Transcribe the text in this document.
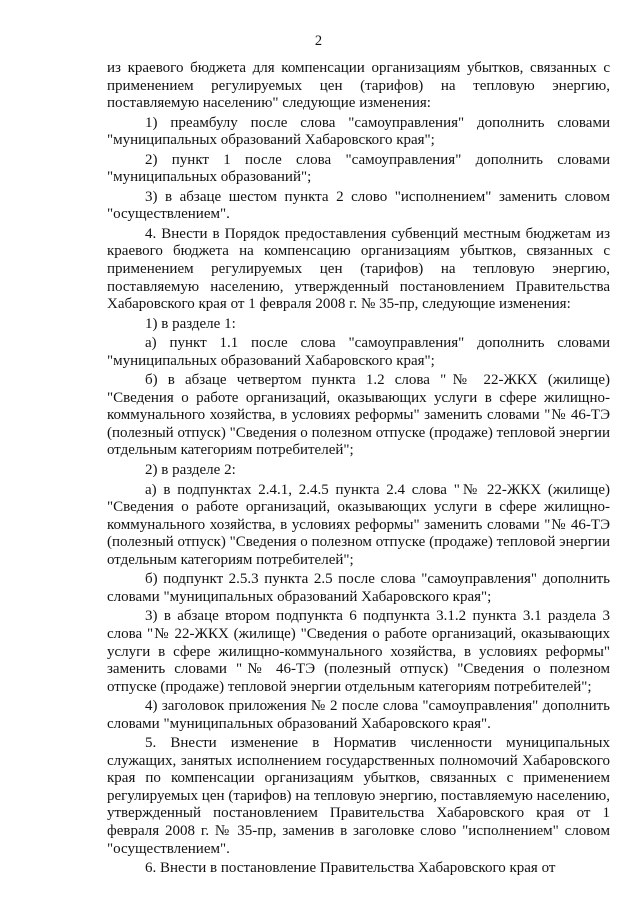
2

из краевого бюджета для компенсации организациям убытков, связанных с применением регулируемых цен (тарифов) на тепловую энергию, поставляемую населению" следующие изменения:

1) преамбулу после слова "самоуправления" дополнить словами "муниципальных образований Хабаровского края";

2) пункт 1 после слова "самоуправления" дополнить словами "муниципальных образований";

3) в абзаце шестом пункта 2 слово "исполнением" заменить словом "осуществлением".

4. Внести в Порядок предоставления субвенций местным бюджетам из краевого бюджета на компенсацию организациям убытков, связанных с применением регулируемых цен (тарифов) на тепловую энергию, поставляемую населению, утвержденный постановлением Правительства Хабаровского края от 1 февраля 2008 г. № 35-пр, следующие изменения:

1) в разделе 1:

а) пункт 1.1 после слова "самоуправления" дополнить словами "муниципальных образований Хабаровского края";

б) в абзаце четвертом пункта 1.2 слова "№ 22-ЖКХ (жилище) "Сведения о работе организаций, оказывающих услуги в сфере жилищно-коммунального хозяйства, в условиях реформы" заменить словами "№ 46-ТЭ (полезный отпуск) "Сведения о полезном отпуске (продаже) тепловой энергии отдельным категориям потребителей";

2) в разделе 2:

а) в подпунктах 2.4.1, 2.4.5 пункта 2.4 слова "№ 22-ЖКХ (жилище) "Сведения о работе организаций, оказывающих услуги в сфере жилищно-коммунального хозяйства, в условиях реформы" заменить словами "№ 46-ТЭ (полезный отпуск) "Сведения о полезном отпуске (продаже) тепловой энергии отдельным категориям потребителей";

б) подпункт 2.5.3 пункта 2.5 после слова "самоуправления" дополнить словами "муниципальных образований Хабаровского края";

3) в абзаце втором подпункта 6 подпункта 3.1.2 пункта 3.1 раздела 3 слова "№ 22-ЖКХ (жилище) "Сведения о работе организаций, оказывающих услуги в сфере жилищно-коммунального хозяйства, в условиях реформы" заменить словами "№ 46-ТЭ (полезный отпуск) "Сведения о полезном отпуске (продаже) тепловой энергии отдельным категориям потребителей";

4) заголовок приложения № 2 после слова "самоуправления" дополнить словами "муниципальных образований Хабаровского края".

5. Внести изменение в Норматив численности муниципальных служащих, занятых исполнением государственных полномочий Хабаровского края по компенсации организациям убытков, связанных с применением регулируемых цен (тарифов) на тепловую энергию, поставляемую населению, утвержденный постановлением Правительства Хабаровского края от 1 февраля 2008 г. № 35-пр, заменив в заголовке слово "исполнением" словом "осуществлением".

6. Внести в постановление Правительства Хабаровского края от
